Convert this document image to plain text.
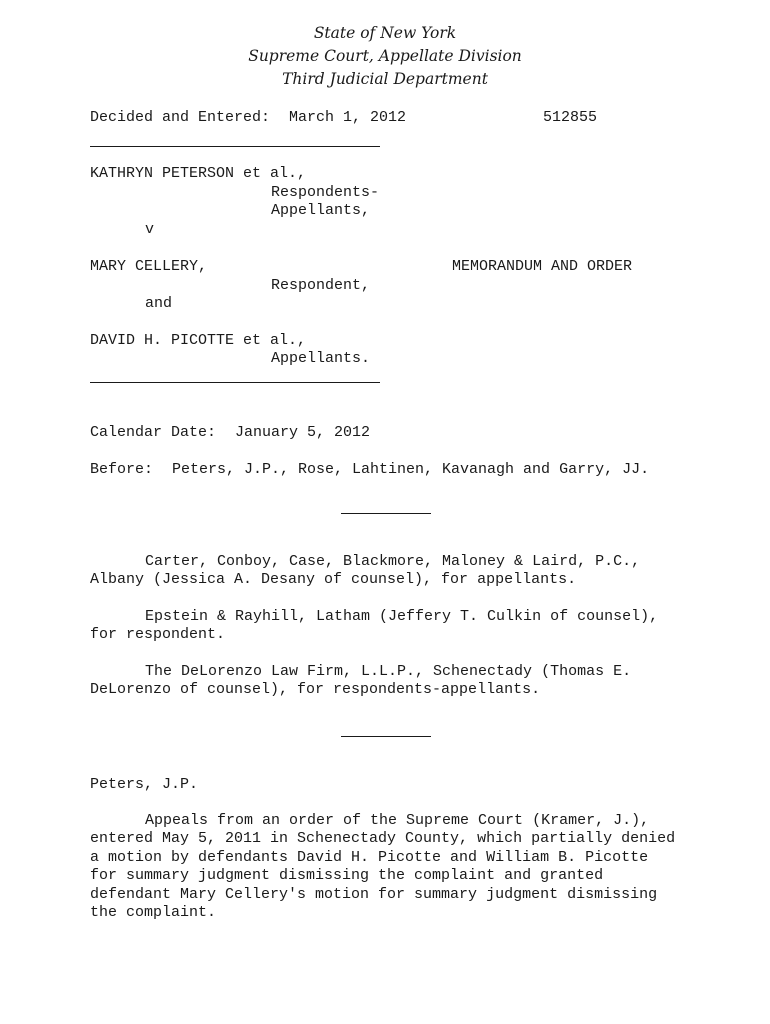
State of New York
Supreme Court, Appellate Division
Third Judicial Department
Decided and Entered: March 1, 2012	512855
KATHRYN PETERSON et al.,
Respondents-
Appellants,
v
MARY CELLERY,	MEMORANDUM AND ORDER
Respondent,
and
DAVID H. PICOTTE et al.,
Appellants.
Calendar Date: January 5, 2012
Before: Peters, J.P., Rose, Lahtinen, Kavanagh and Garry, JJ.
Carter, Conboy, Case, Blackmore, Maloney & Laird, P.C.,
Albany (Jessica A. Desany of counsel), for appellants.
Epstein & Rayhill, Latham (Jeffery T. Culkin of counsel),
for respondent.
The DeLorenzo Law Firm, L.L.P., Schenectady (Thomas E.
DeLorenzo of counsel), for respondents-appellants.
Peters, J.P.
Appeals from an order of the Supreme Court (Kramer, J.),
entered May 5, 2011 in Schenectady County, which partially denied
a motion by defendants David H. Picotte and William B. Picotte
for summary judgment dismissing the complaint and granted
defendant Mary Cellery's motion for summary judgment dismissing
the complaint.
